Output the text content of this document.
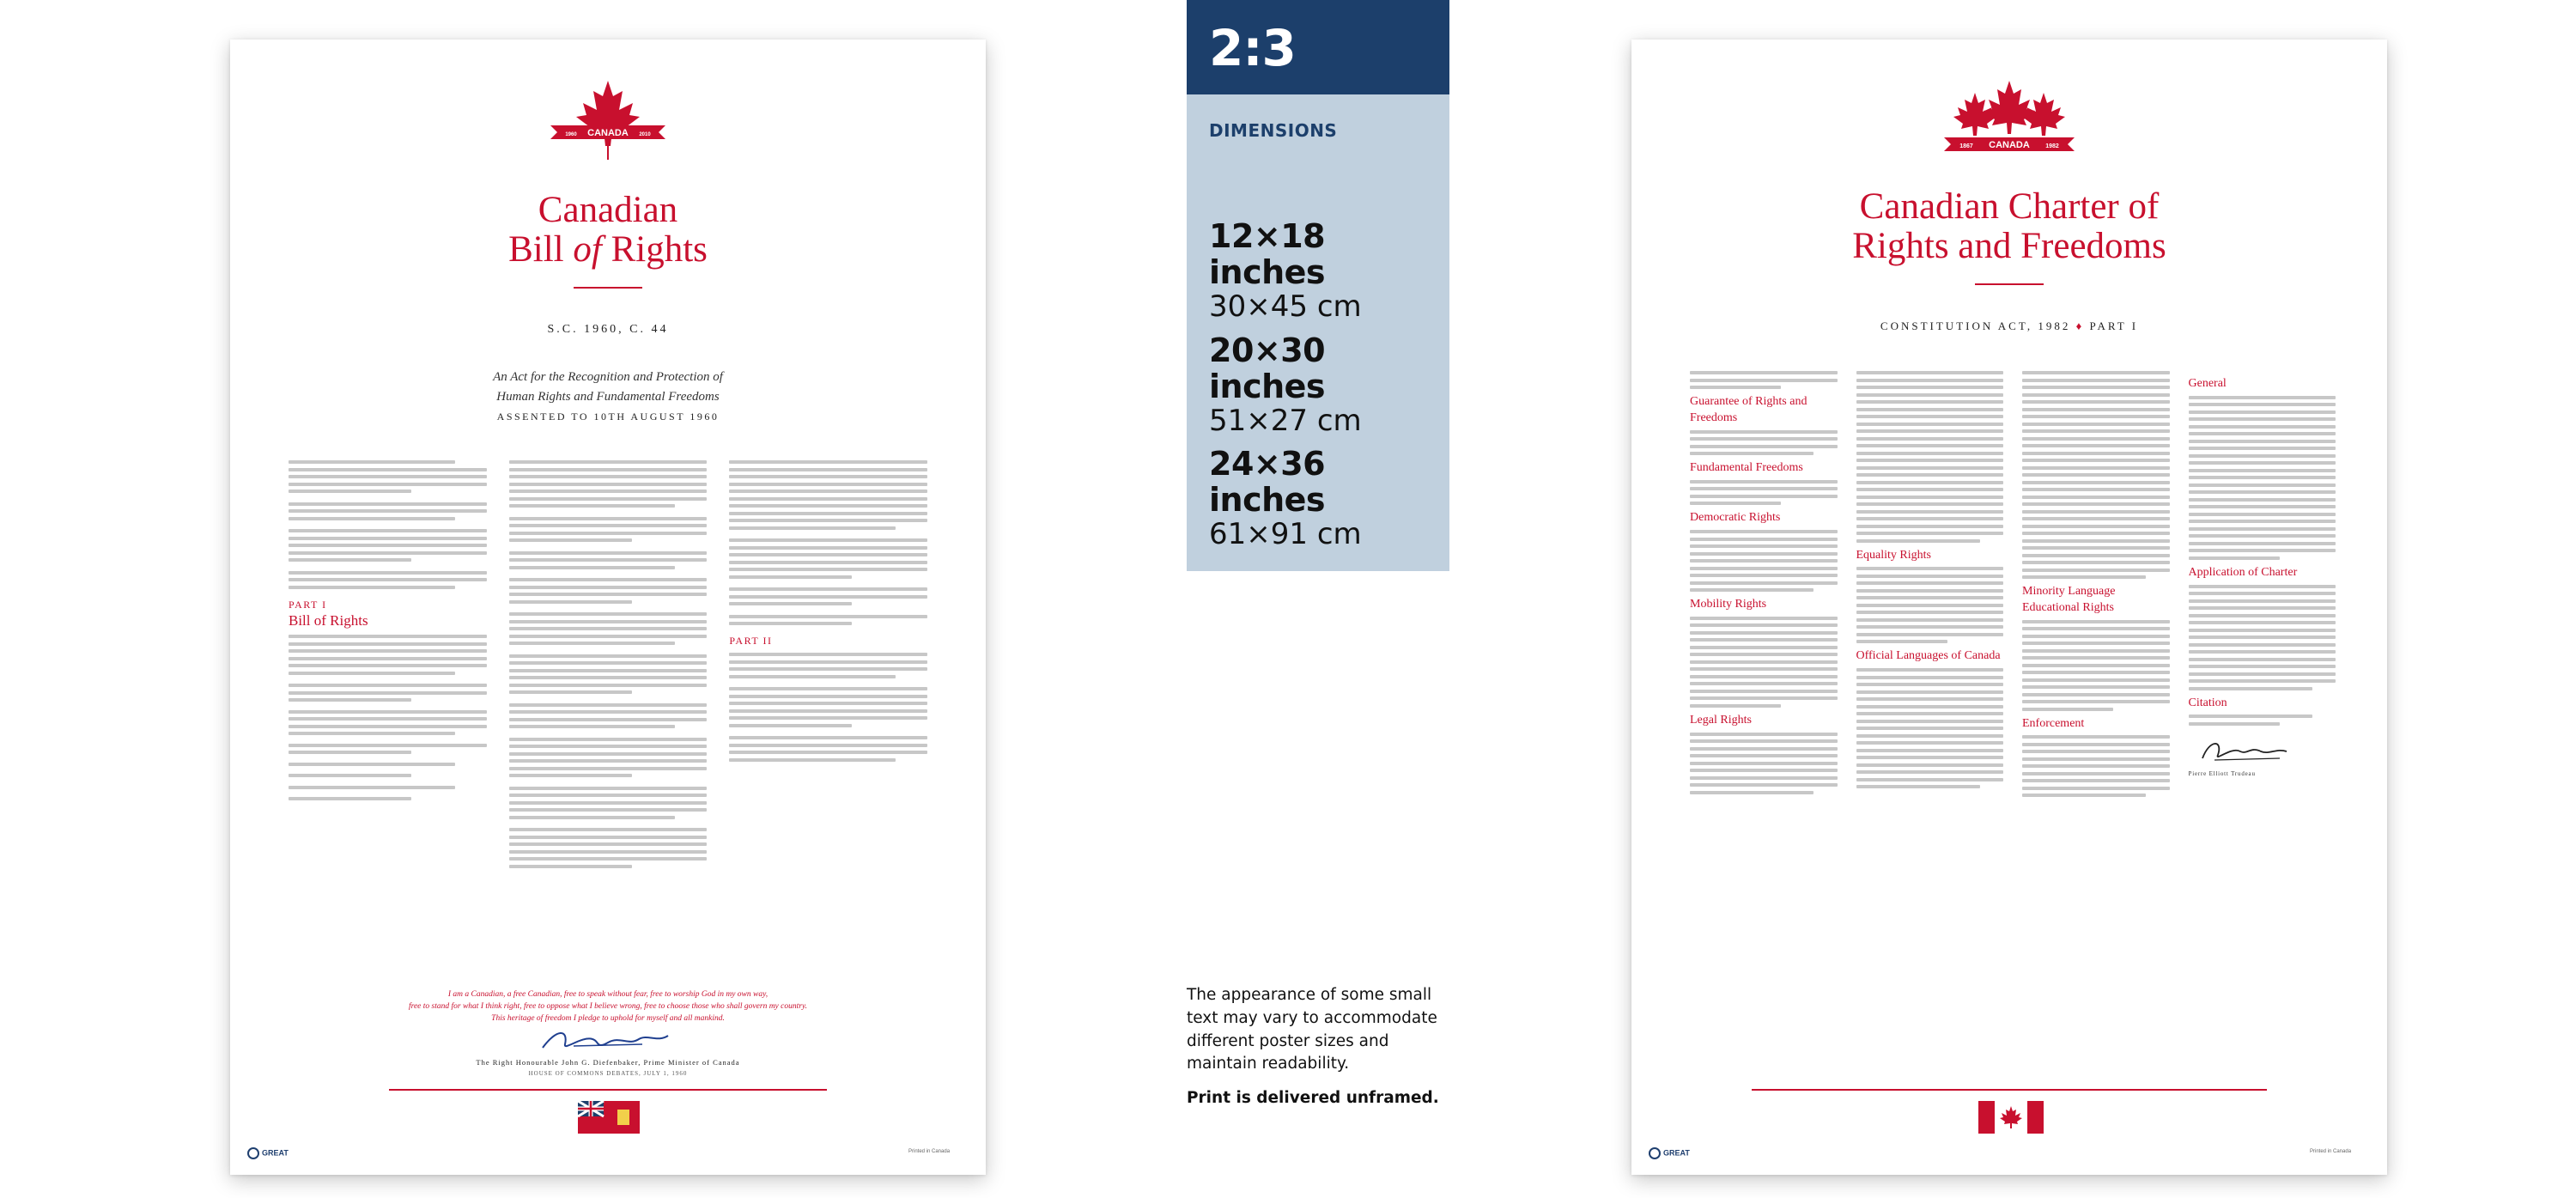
CANADA
1960	2010
Canadian
Bill of Rights
S.C. 1960, C. 44
An Act for the Recognition and Protection of
Human Rights and Fundamental Freedoms
ASSENTED TO 10TH AUGUST 1960
PART I
Bill of Rights
PART II
I am a Canadian, a free Canadian, free to speak without fear, free to worship God in my own way,
free to stand for what I think right, free to oppose what I believe wrong, free to choose those who shall govern my country.
This heritage of freedom I pledge to uphold for myself and all mankind.
The Right Honourable John G. Diefenbaker, Prime Minister of Canada
HOUSE OF COMMONS DEBATES, JULY 1, 1960
GREAT	Printed in Canada
2:3
DIMENSIONS
12×18 inches
30×45 cm
20×30 inches
51×27 cm
24×36 inches
61×91 cm
The appearance of some small text may vary to accommodate different poster sizes and maintain readability.
Print is delivered unframed.
CANADA
1867	1982
Canadian Charter of
Rights and Freedoms
CONSTITUTION ACT, 1982 ♦ PART I
Guarantee of Rights and Freedoms
Fundamental Freedoms
Democratic Rights
Mobility Rights
Legal Rights
Equality Rights
Official Languages of Canada
Minority Language Educational Rights
Enforcement
General
Application of Charter
Citation
Pierre Elliott Trudeau
GREAT	Printed in Canada
